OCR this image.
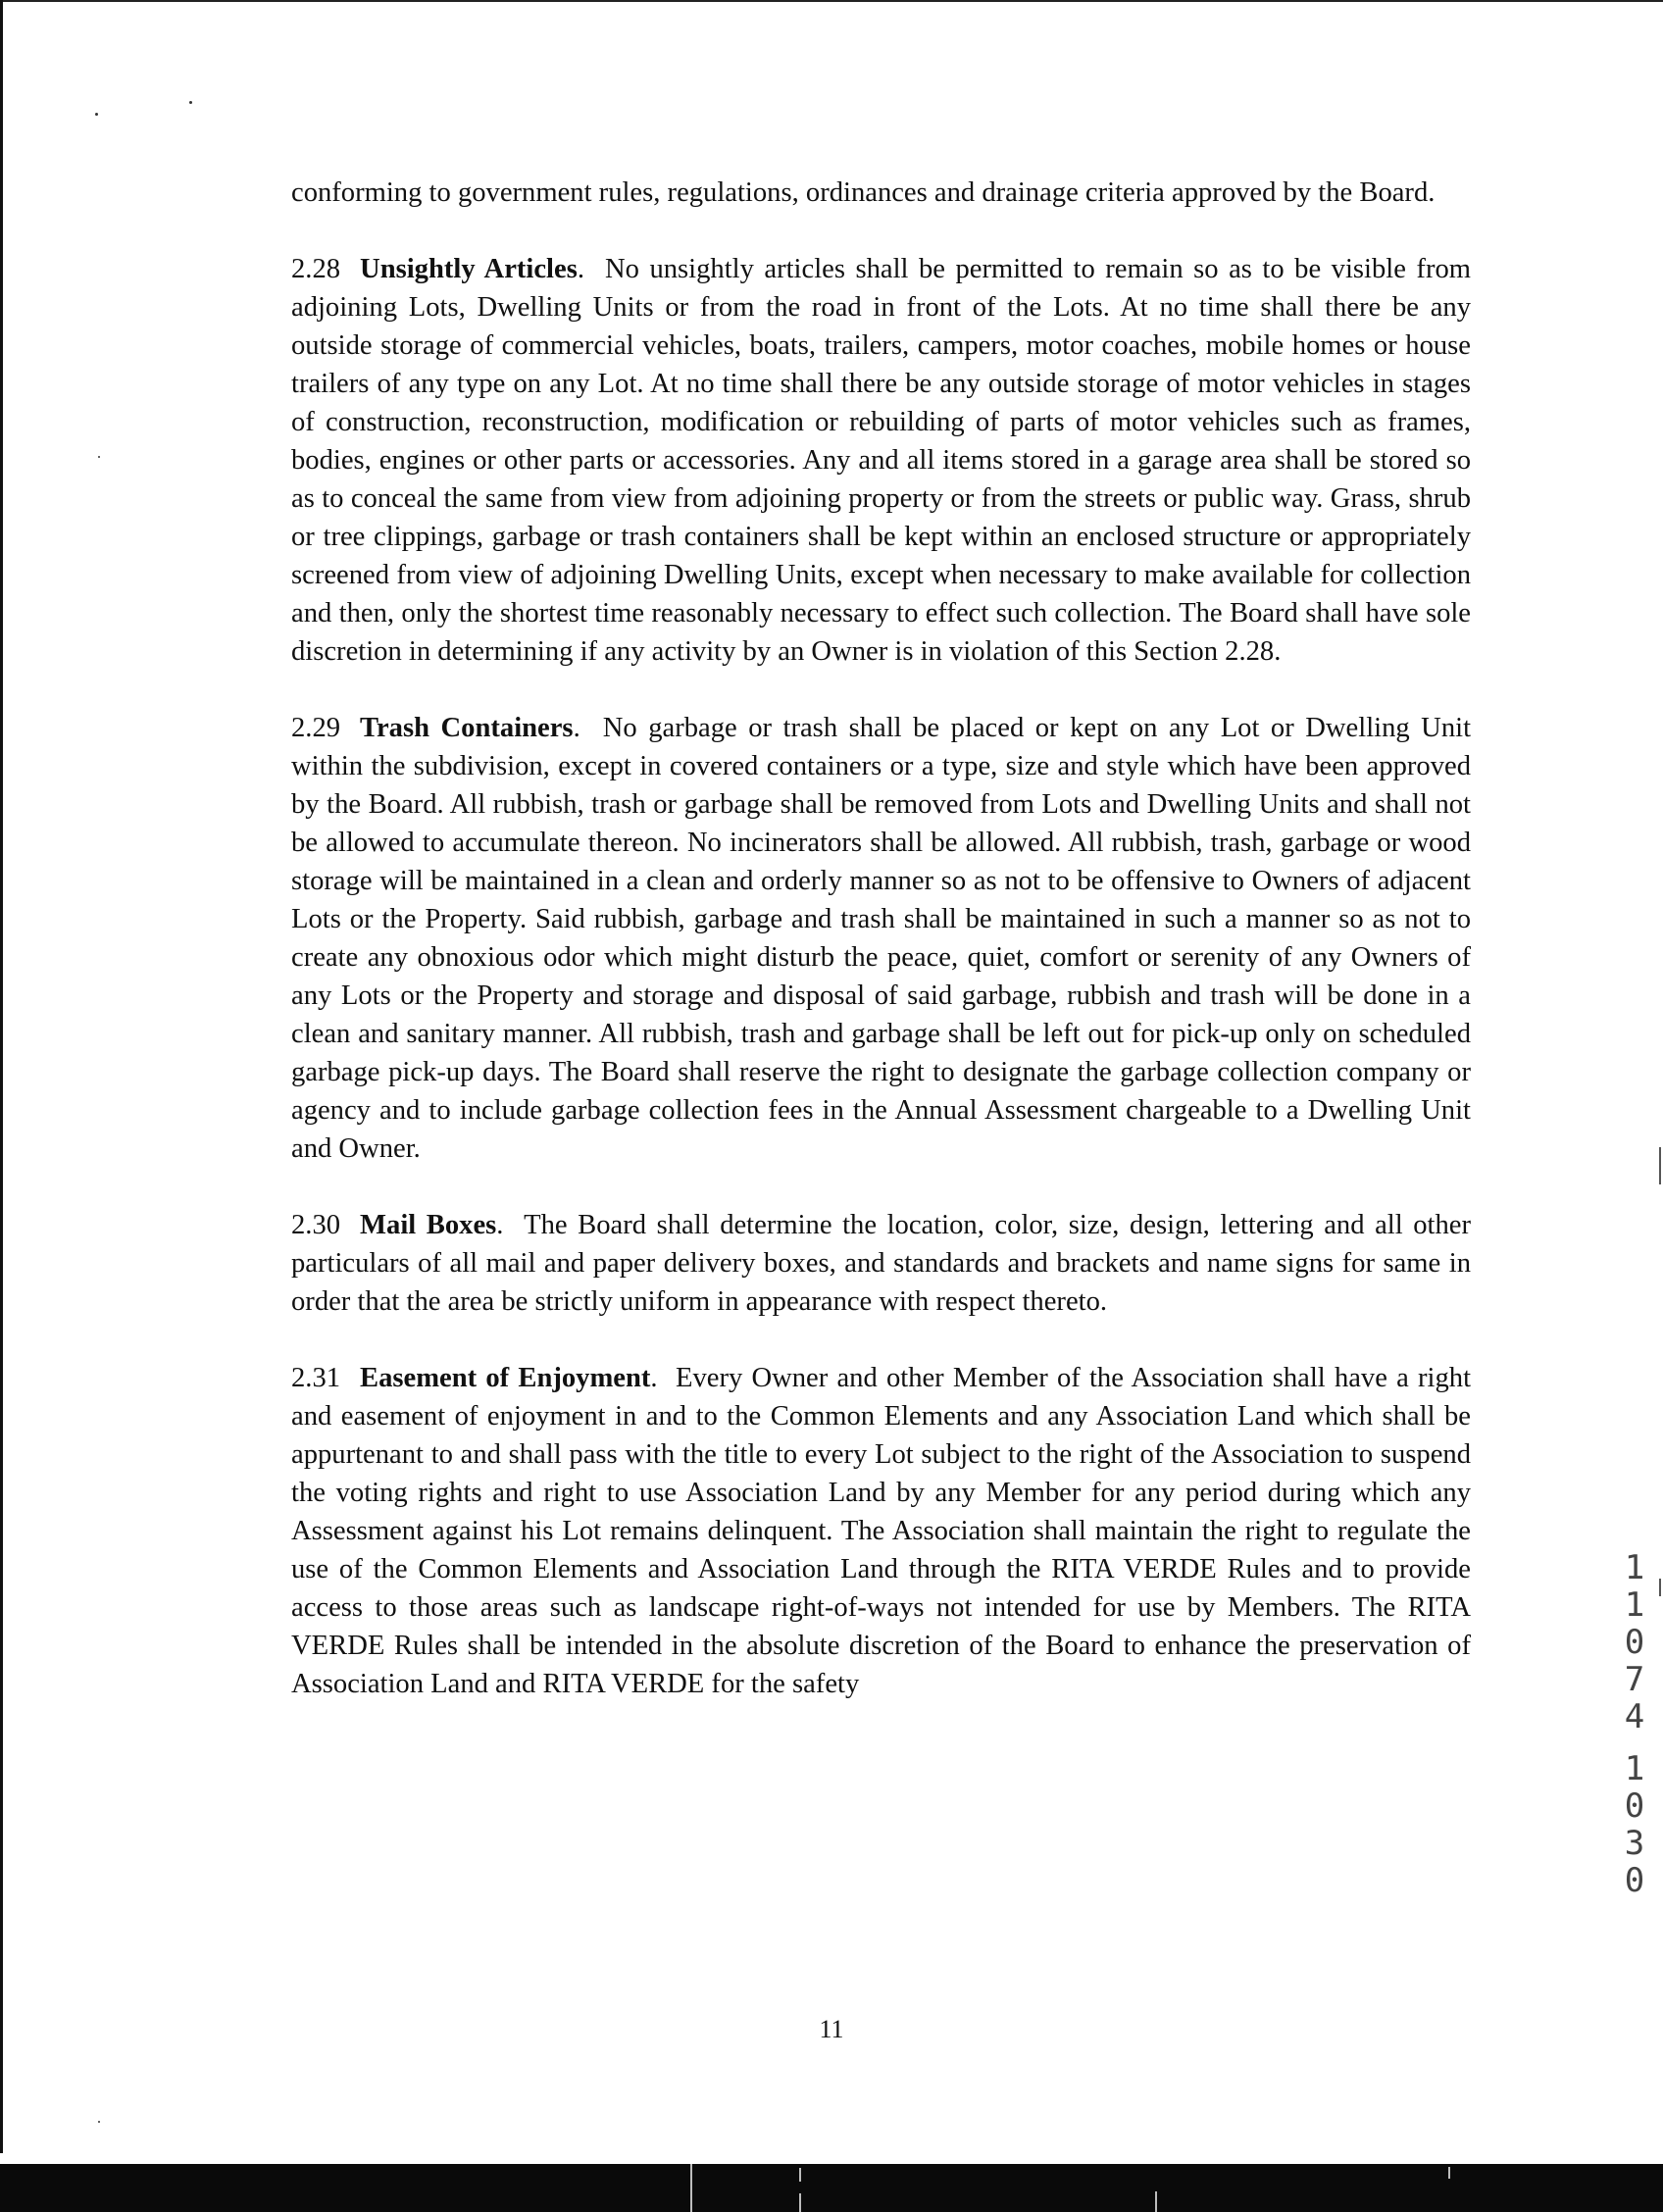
conforming to government rules, regulations, ordinances and drainage criteria approved by the Board.

2.28 Unsightly Articles. No unsightly articles shall be permitted to remain so as to be visible from adjoining Lots, Dwelling Units or from the road in front of the Lots. At no time shall there be any outside storage of commercial vehicles, boats, trailers, campers, motor coaches, mobile homes or house trailers of any type on any Lot. At no time shall there be any outside storage of motor vehicles in stages of construction, reconstruction, modification or rebuilding of parts of motor vehicles such as frames, bodies, engines or other parts or accessories. Any and all items stored in a garage area shall be stored so as to conceal the same from view from adjoining property or from the streets or public way. Grass, shrub or tree clippings, garbage or trash containers shall be kept within an enclosed structure or appropriately screened from view of adjoining Dwelling Units, except when necessary to make available for collection and then, only the shortest time reasonably necessary to effect such collection. The Board shall have sole discretion in determining if any activity by an Owner is in violation of this Section 2.28.

2.29 Trash Containers. No garbage or trash shall be placed or kept on any Lot or Dwelling Unit within the subdivision, except in covered containers or a type, size and style which have been approved by the Board. All rubbish, trash or garbage shall be removed from Lots and Dwelling Units and shall not be allowed to accumulate thereon. No incinerators shall be allowed. All rubbish, trash, garbage or wood storage will be maintained in a clean and orderly manner so as not to be offensive to Owners of adjacent Lots or the Property. Said rubbish, garbage and trash shall be maintained in such a manner so as not to create any obnoxious odor which might disturb the peace, quiet, comfort or serenity of any Owners of any Lots or the Property and storage and disposal of said garbage, rubbish and trash will be done in a clean and sanitary manner. All rubbish, trash and garbage shall be left out for pick-up only on scheduled garbage pick-up days. The Board shall reserve the right to designate the garbage collection company or agency and to include garbage collection fees in the Annual Assessment chargeable to a Dwelling Unit and Owner.

2.30 Mail Boxes. The Board shall determine the location, color, size, design, lettering and all other particulars of all mail and paper delivery boxes, and standards and brackets and name signs for same in order that the area be strictly uniform in appearance with respect thereto.

2.31 Easement of Enjoyment. Every Owner and other Member of the Association shall have a right and easement of enjoyment in and to the Common Elements and any Association Land which shall be appurtenant to and shall pass with the title to every Lot subject to the right of the Association to suspend the voting rights and right to use Association Land by any Member for any period during which any Assessment against his Lot remains delinquent. The Association shall maintain the right to regulate the use of the Common Elements and Association Land through the RITA VERDE Rules and to provide access to those areas such as landscape right-of-ways not intended for use by Members. The RITA VERDE Rules shall be intended in the absolute discretion of the Board to enhance the preservation of Association Land and RITA VERDE for the safety

1
1
0
7
4
1
0
3
0
11
